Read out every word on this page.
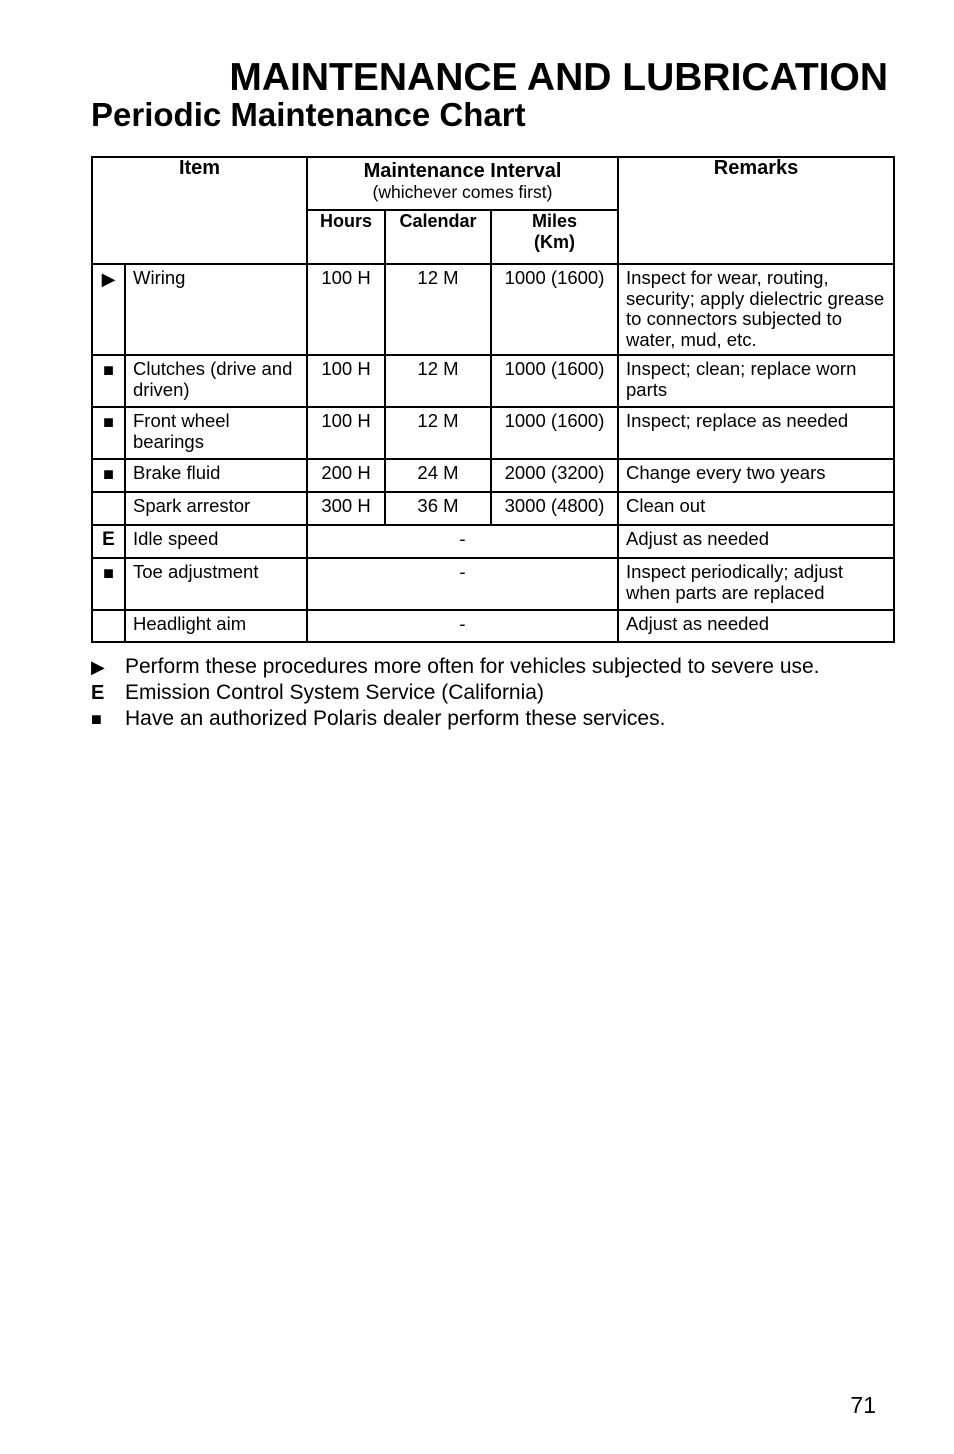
MAINTENANCE AND LUBRICATION
Periodic Maintenance Chart
Item		Maintenance Interval
(whichever comes first)			Remarks
		Hours	Calendar	Miles
(Km)	

▶	Wiring	100 H	12 M	1000 (1600)	Inspect for wear, routing, security; apply dielectric grease to connectors subjected to water, mud, etc.
■	Clutches (drive and driven)	100 H	12 M	1000 (1600)	Inspect; clean; replace worn parts
■	Front wheel bearings	100 H	12 M	1000 (1600)	Inspect; replace as needed
■	Brake fluid	200 H	24 M	2000 (3200)	Change every two years
	Spark arrestor	300 H	36 M	3000 (4800)	Clean out
E	Idle speed	-			Adjust as needed
■	Toe adjustment	-			Inspect periodically; adjust when parts are replaced
	Headlight aim	-			Adjust as needed
▶ Perform these procedures more often for vehicles subjected to severe use.
E Emission Control System Service (California)
■	Have an authorized Polaris dealer perform these services.
71
